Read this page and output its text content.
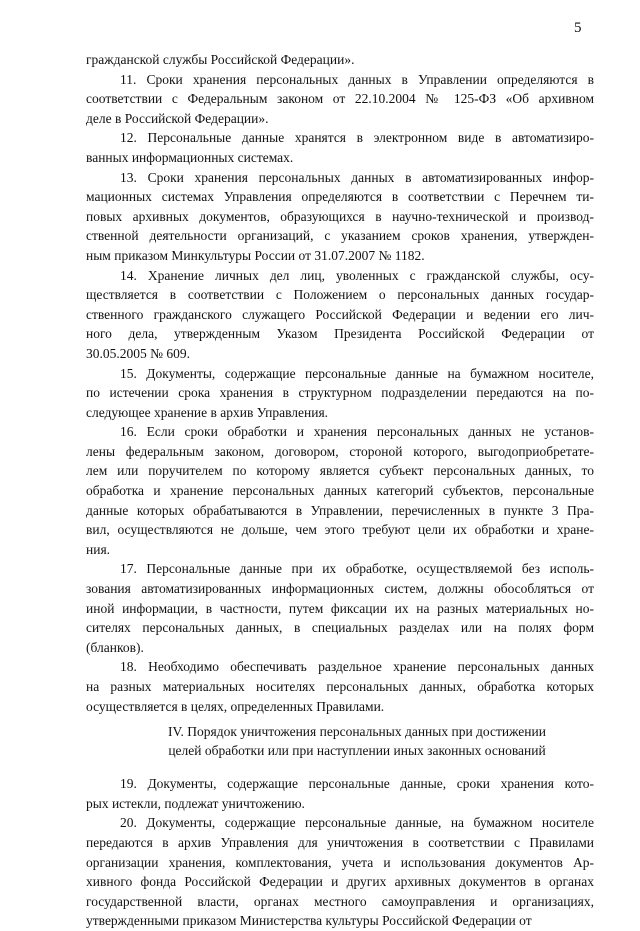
5
гражданской службы Российской Федерации».
11. Сроки хранения персональных данных в Управлении определяются в
соответствии с Федеральным законом от 22.10.2004 № 125-ФЗ «Об архивном
деле в Российской Федерации».
12. Персональные данные хранятся в электронном виде в автоматизиро-
ванных информационных системах.
13. Сроки хранения персональных данных в автоматизированных инфор-
мационных системах Управления определяются в соответствии с Перечнем ти-
повых архивных документов, образующихся в научно-технической и производ-
ственной деятельности организаций, с указанием сроков хранения, утвержден-
ным приказом Минкультуры России от 31.07.2007 № 1182.
14. Хранение личных дел лиц, уволенных с гражданской службы, осу-
ществляется в соответствии с Положением о персональных данных государ-
ственного гражданского служащего Российской Федерации и ведении его лич-
ного дела, утвержденным Указом Президента Российской Федерации от
30.05.2005 № 609.
15. Документы, содержащие персональные данные на бумажном носителе,
по истечении срока хранения в структурном подразделении передаются на по-
следующее хранение в архив Управления.
16. Если сроки обработки и хранения персональных данных не установ-
лены федеральным законом, договором, стороной которого, выгодоприобретате-
лем или поручителем по которому является субъект персональных данных, то
обработка и хранение персональных данных категорий субъектов, персональные
данные которых обрабатываются в Управлении, перечисленных в пункте 3 Пра-
вил, осуществляются не дольше, чем этого требуют цели их обработки и хране-
ния.
17. Персональные данные при их обработке, осуществляемой без исполь-
зования автоматизированных информационных систем, должны обособляться от
иной информации, в частности, путем фиксации их на разных материальных но-
сителях персональных данных, в специальных разделах или на полях форм
(бланков).
18. Необходимо обеспечивать раздельное хранение персональных данных
на разных материальных носителях персональных данных, обработка которых
осуществляется в целях, определенных Правилами.
IV. Порядок уничтожения персональных данных при достижении
целей обработки или при наступлении иных законных оснований
19. Документы, содержащие персональные данные, сроки хранения кото-
рых истекли, подлежат уничтожению.
20. Документы, содержащие персональные данные, на бумажном носителе
передаются в архив Управления для уничтожения в соответствии с Правилами
организации хранения, комплектования, учета и использования документов Ар-
хивного фонда Российской Федерации и других архивных документов в органах
государственной власти, органах местного самоуправления и организациях,
утвержденными приказом Министерства культуры Российской Федерации от
